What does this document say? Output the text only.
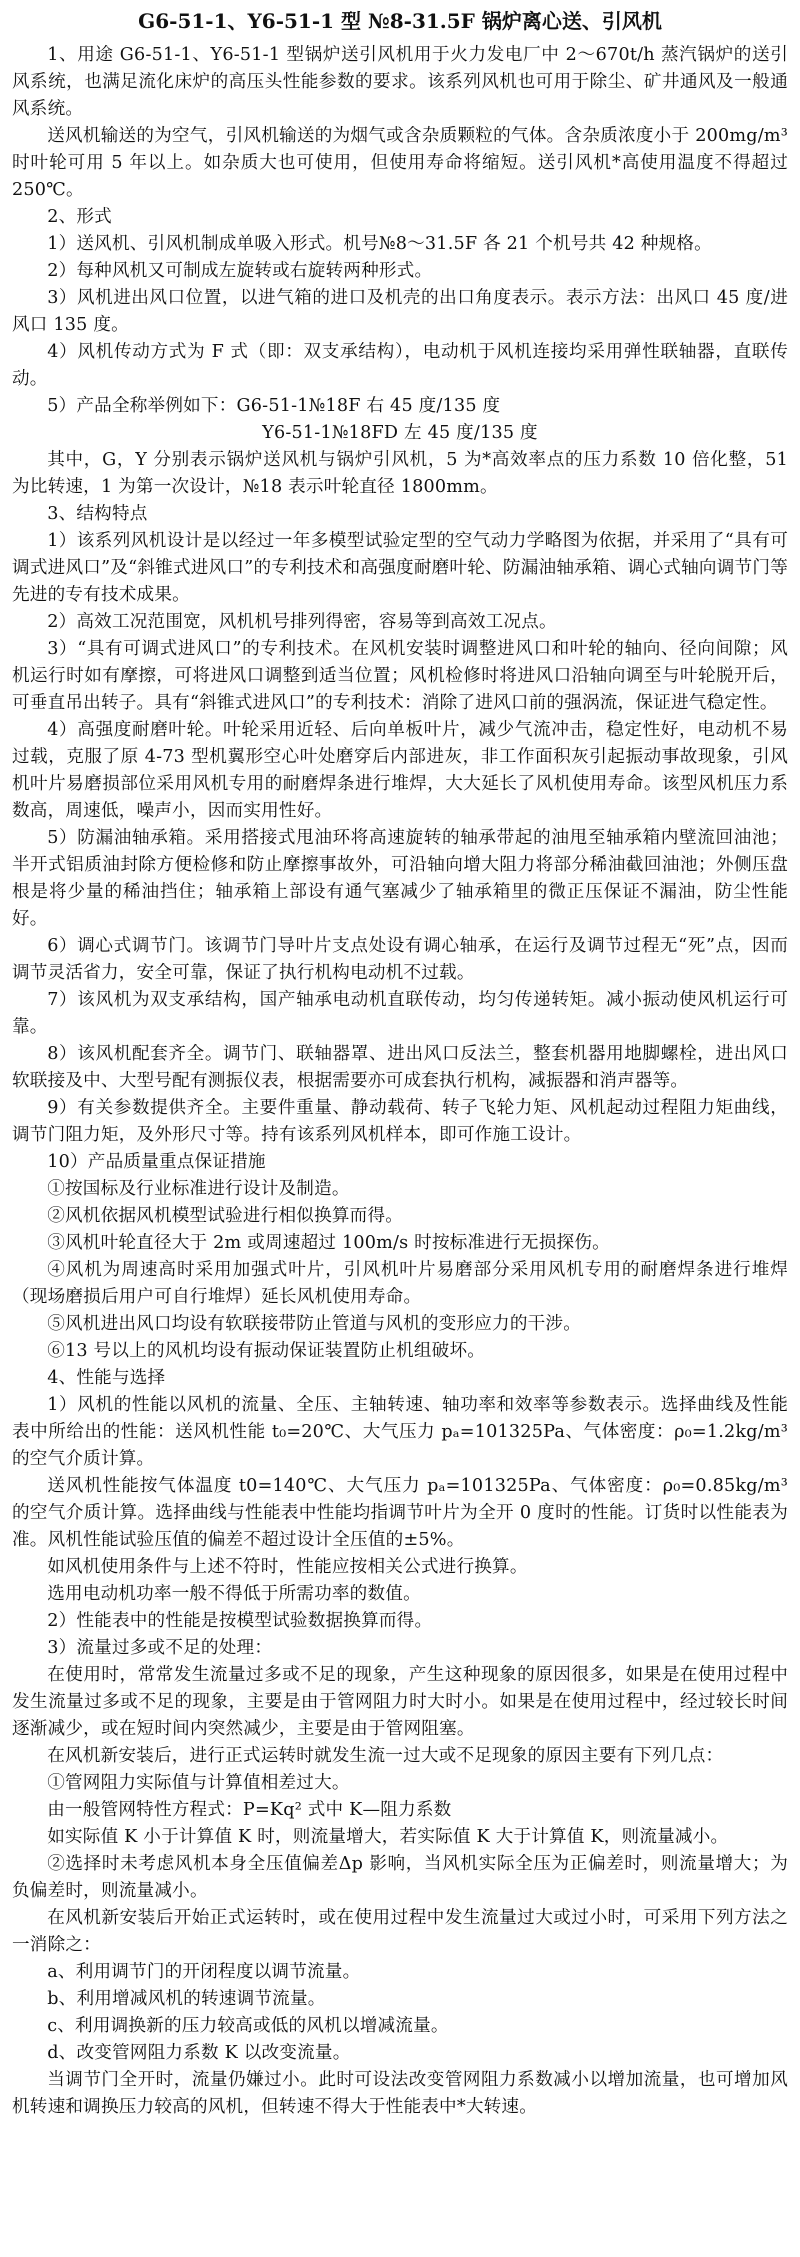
G6-51-1、Y6-51-1 型 №8-31.5F 锅炉离心送、引风机

1、用途 G6-51-1、Y6-51-1 型锅炉送引风机用于火力发电厂中 2～670t/h 蒸汽锅炉的送引风系统，也满足流化床炉的高压头性能参数的要求。该系列风机也可用于除尘、矿井通风及一般通风系统。

送风机输送的为空气，引风机输送的为烟气或含杂质颗粒的气体。含杂质浓度小于 200mg/m³时叶轮可用 5 年以上。如杂质大也可使用，但使用寿命将缩短。送引风机*高使用温度不得超过 250℃。

2、形式

1）送风机、引风机制成单吸入形式。机号№8～31.5F 各 21 个机号共 42 种规格。

2）每种风机又可制成左旋转或右旋转两种形式。

3）风机进出风口位置，以进气箱的进口及机壳的出口角度表示。表示方法：出风口 45 度/进风口 135 度。

4）风机传动方式为 F 式（即：双支承结构），电动机于风机连接均采用弹性联轴器，直联传动。

5）产品全称举例如下：G6-51-1№18F 右 45 度/135 度

Y6-51-1№18FD 左 45 度/135 度

其中，G，Y 分别表示锅炉送风机与锅炉引风机，5 为*高效率点的压力系数 10 倍化整，51 为比转速，1 为第一次设计，№18 表示叶轮直径 1800mm。

3、结构特点

1）该系列风机设计是以经过一年多模型试验定型的空气动力学略图为依据，并采用了“具有可调式进风口”及“斜锥式进风口”的专利技术和高强度耐磨叶轮、防漏油轴承箱、调心式轴向调节门等先进的专有技术成果。

2）高效工况范围宽，风机机号排列得密，容易等到高效工况点。

3）“具有可调式进风口”的专利技术。在风机安装时调整进风口和叶轮的轴向、径向间隙；风机运行时如有摩擦，可将进风口调整到适当位置；风机检修时将进风口沿轴向调至与叶轮脱开后，可垂直吊出转子。具有“斜锥式进风口”的专利技术：消除了进风口前的强涡流，保证进气稳定性。

4）高强度耐磨叶轮。叶轮采用近轻、后向单板叶片，减少气流冲击，稳定性好，电动机不易过载，克服了原 4-73 型机翼形空心叶处磨穿后内部进灰，非工作面积灰引起振动事故现象，引风机叶片易磨损部位采用风机专用的耐磨焊条进行堆焊，大大延长了风机使用寿命。该型风机压力系数高，周速低，噪声小，因而实用性好。

5）防漏油轴承箱。采用搭接式甩油环将高速旋转的轴承带起的油甩至轴承箱内壁流回油池；半开式铝质油封除方便检修和防止摩擦事故外，可沿轴向增大阻力将部分稀油截回油池；外侧压盘根是将少量的稀油挡住；轴承箱上部设有通气塞减少了轴承箱里的微正压保证不漏油，防尘性能好。

6）调心式调节门。该调节门导叶片支点处设有调心轴承，在运行及调节过程无“死”点，因而调节灵活省力，安全可靠，保证了执行机构电动机不过载。

7）该风机为双支承结构，国产轴承电动机直联传动，均匀传递转矩。减小振动使风机运行可靠。

8）该风机配套齐全。调节门、联轴器罩、进出风口反法兰，整套机器用地脚螺栓，进出风口软联接及中、大型号配有测振仪表，根据需要亦可成套执行机构，减振器和消声器等。

9）有关参数提供齐全。主要件重量、静动载荷、转子飞轮力矩、风机起动过程阻力矩曲线，调节门阻力矩，及外形尺寸等。持有该系列风机样本，即可作施工设计。

10）产品质量重点保证措施

①按国标及行业标准进行设计及制造。

②风机依据风机模型试验进行相似换算而得。

③风机叶轮直径大于 2m 或周速超过 100m/s 时按标准进行无损探伤。

④风机为周速高时采用加强式叶片，引风机叶片易磨部分采用风机专用的耐磨焊条进行堆焊（现场磨损后用户可自行堆焊）延长风机使用寿命。

⑤风机进出风口均设有软联接带防止管道与风机的变形应力的干涉。

⑥13 号以上的风机均设有振动保证装置防止机组破坏。

4、性能与选择

1）风机的性能以风机的流量、全压、主轴转速、轴功率和效率等参数表示。选择曲线及性能表中所给出的性能：送风机性能 t₀=20℃、大气压力 pₐ=101325Pa、气体密度：ρ₀=1.2kg/m³ 的空气介质计算。

送风机性能按气体温度 t0=140℃、大气压力 pₐ=101325Pa、气体密度：ρ₀=0.85kg/m³ 的空气介质计算。选择曲线与性能表中性能均指调节叶片为全开 0 度时的性能。订货时以性能表为准。风机性能试验压值的偏差不超过设计全压值的±5%。

如风机使用条件与上述不符时，性能应按相关公式进行换算。

选用电动机功率一般不得低于所需功率的数值。

2）性能表中的性能是按模型试验数据换算而得。

3）流量过多或不足的处理：

在使用时，常常发生流量过多或不足的现象，产生这种现象的原因很多，如果是在使用过程中发生流量过多或不足的现象，主要是由于管网阻力时大时小。如果是在使用过程中，经过较长时间逐渐减少，或在短时间内突然减少，主要是由于管网阻塞。

在风机新安装后，进行正式运转时就发生流一过大或不足现象的原因主要有下列几点：

①管网阻力实际值与计算值相差过大。

由一般管网特性方程式：P=Kq² 式中 K—阻力系数

如实际值 K 小于计算值 K 时，则流量增大，若实际值 K 大于计算值 K，则流量减小。

②选择时未考虑风机本身全压值偏差Δp 影响，当风机实际全压为正偏差时，则流量增大；为负偏差时，则流量减小。

在风机新安装后开始正式运转时，或在使用过程中发生流量过大或过小时，可采用下列方法之一消除之：

a、利用调节门的开闭程度以调节流量。

b、利用增减风机的转速调节流量。

c、利用调换新的压力较高或低的风机以增减流量。

d、改变管网阻力系数 K 以改变流量。

当调节门全开时，流量仍嫌过小。此时可设法改变管网阻力系数减小以增加流量，也可增加风机转速和调换压力较高的风机，但转速不得大于性能表中*大转速。
